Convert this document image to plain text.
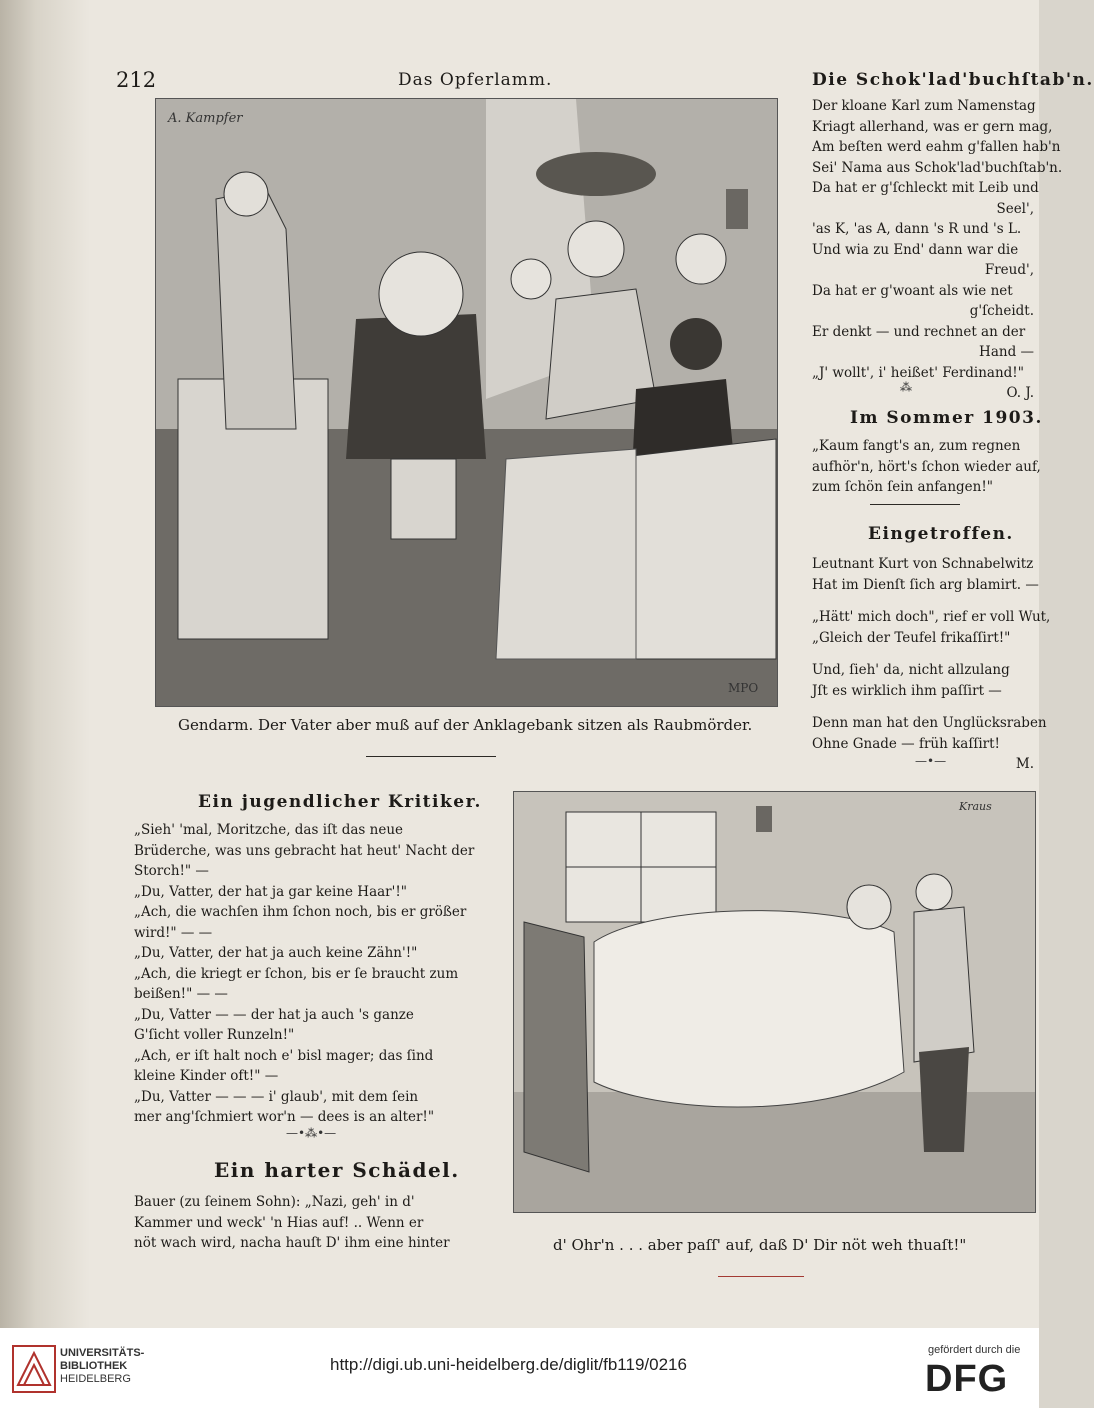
212	Das Opferlamm.
A. Kampfer
MPO
Gendarm. Der Vater aber muß auf der Anklagebank sitzen als Raubmörder.
Die Schok'lad'buchſtab'n.

Der kloane Karl zum Namenstag

Kriagt allerhand, was er gern mag,

Am beſten werd eahm g'fallen hab'n

Sei' Nama aus Schok'lad'buchſtab'n.

Da hat er g'ſchleckt mit Leib und

Seel',

'as K, 'as A, dann 's R und 's L.

Und wia zu End' dann war die

Freud',

Da hat er g'woant als wie net

g'ſcheidt.

Er denkt — und rechnet an der

Hand —

„J' wollt', i' heißet' Ferdinand!"

O. J.

⁂
Im Sommer 1903.

„Kaum fangt's an, zum regnen

aufhör'n, hört's ſchon wieder auf,

zum ſchön ſein anfangen!"

Eingetroffen.

Leutnant Kurt von Schnabelwitz

Hat im Dienſt ſich arg blamirt. —

„Hätt' mich doch", rief er voll Wut,

„Gleich der Teufel frikaſſirt!"

Und, ſieh' da, nicht allzulang

Jſt es wirklich ihm paſſirt —

Denn man hat den Unglücksraben

Ohne Gnade — früh kaſſirt!

M.

—•—
Ein jugendlicher Kritiker.

„Sieh' 'mal, Moritzche, das iſt das neue

Brüderche, was uns gebracht hat heut' Nacht der

Storch!" —

„Du, Vatter, der hat ja gar keine Haar'!"

„Ach, die wachſen ihm ſchon noch, bis er größer

wird!" — —

„Du, Vatter, der hat ja auch keine Zähn'!"

„Ach, die kriegt er ſchon, bis er ſe braucht zum

beißen!" — —

„Du, Vatter — — der hat ja auch 's ganze

G'ſicht voller Runzeln!"

„Ach, er iſt halt noch e' bisl mager; das ſind

kleine Kinder oft!" —

„Du, Vatter — — — i' glaub', mit dem ſein

mer ang'ſchmiert wor'n — dees is an alter!"

—•⁂•—
Ein harter Schädel.

Bauer (zu ſeinem Sohn): „Nazi, geh' in d'

Kammer und weck' 'n Hias auf! .. Wenn er

nöt wach wird, nacha hauſt D' ihm eine hinter

Kraus
d' Ohr'n . . . aber paſſ' auf, daß D' Dir nöt weh thuaſt!"
UNIVERSITÄTS-
BIBLIOTHEK
HEIDELBERG
http://digi.ub.uni-heidelberg.de/diglit/fb119/0216
gefördert durch die
DFG
